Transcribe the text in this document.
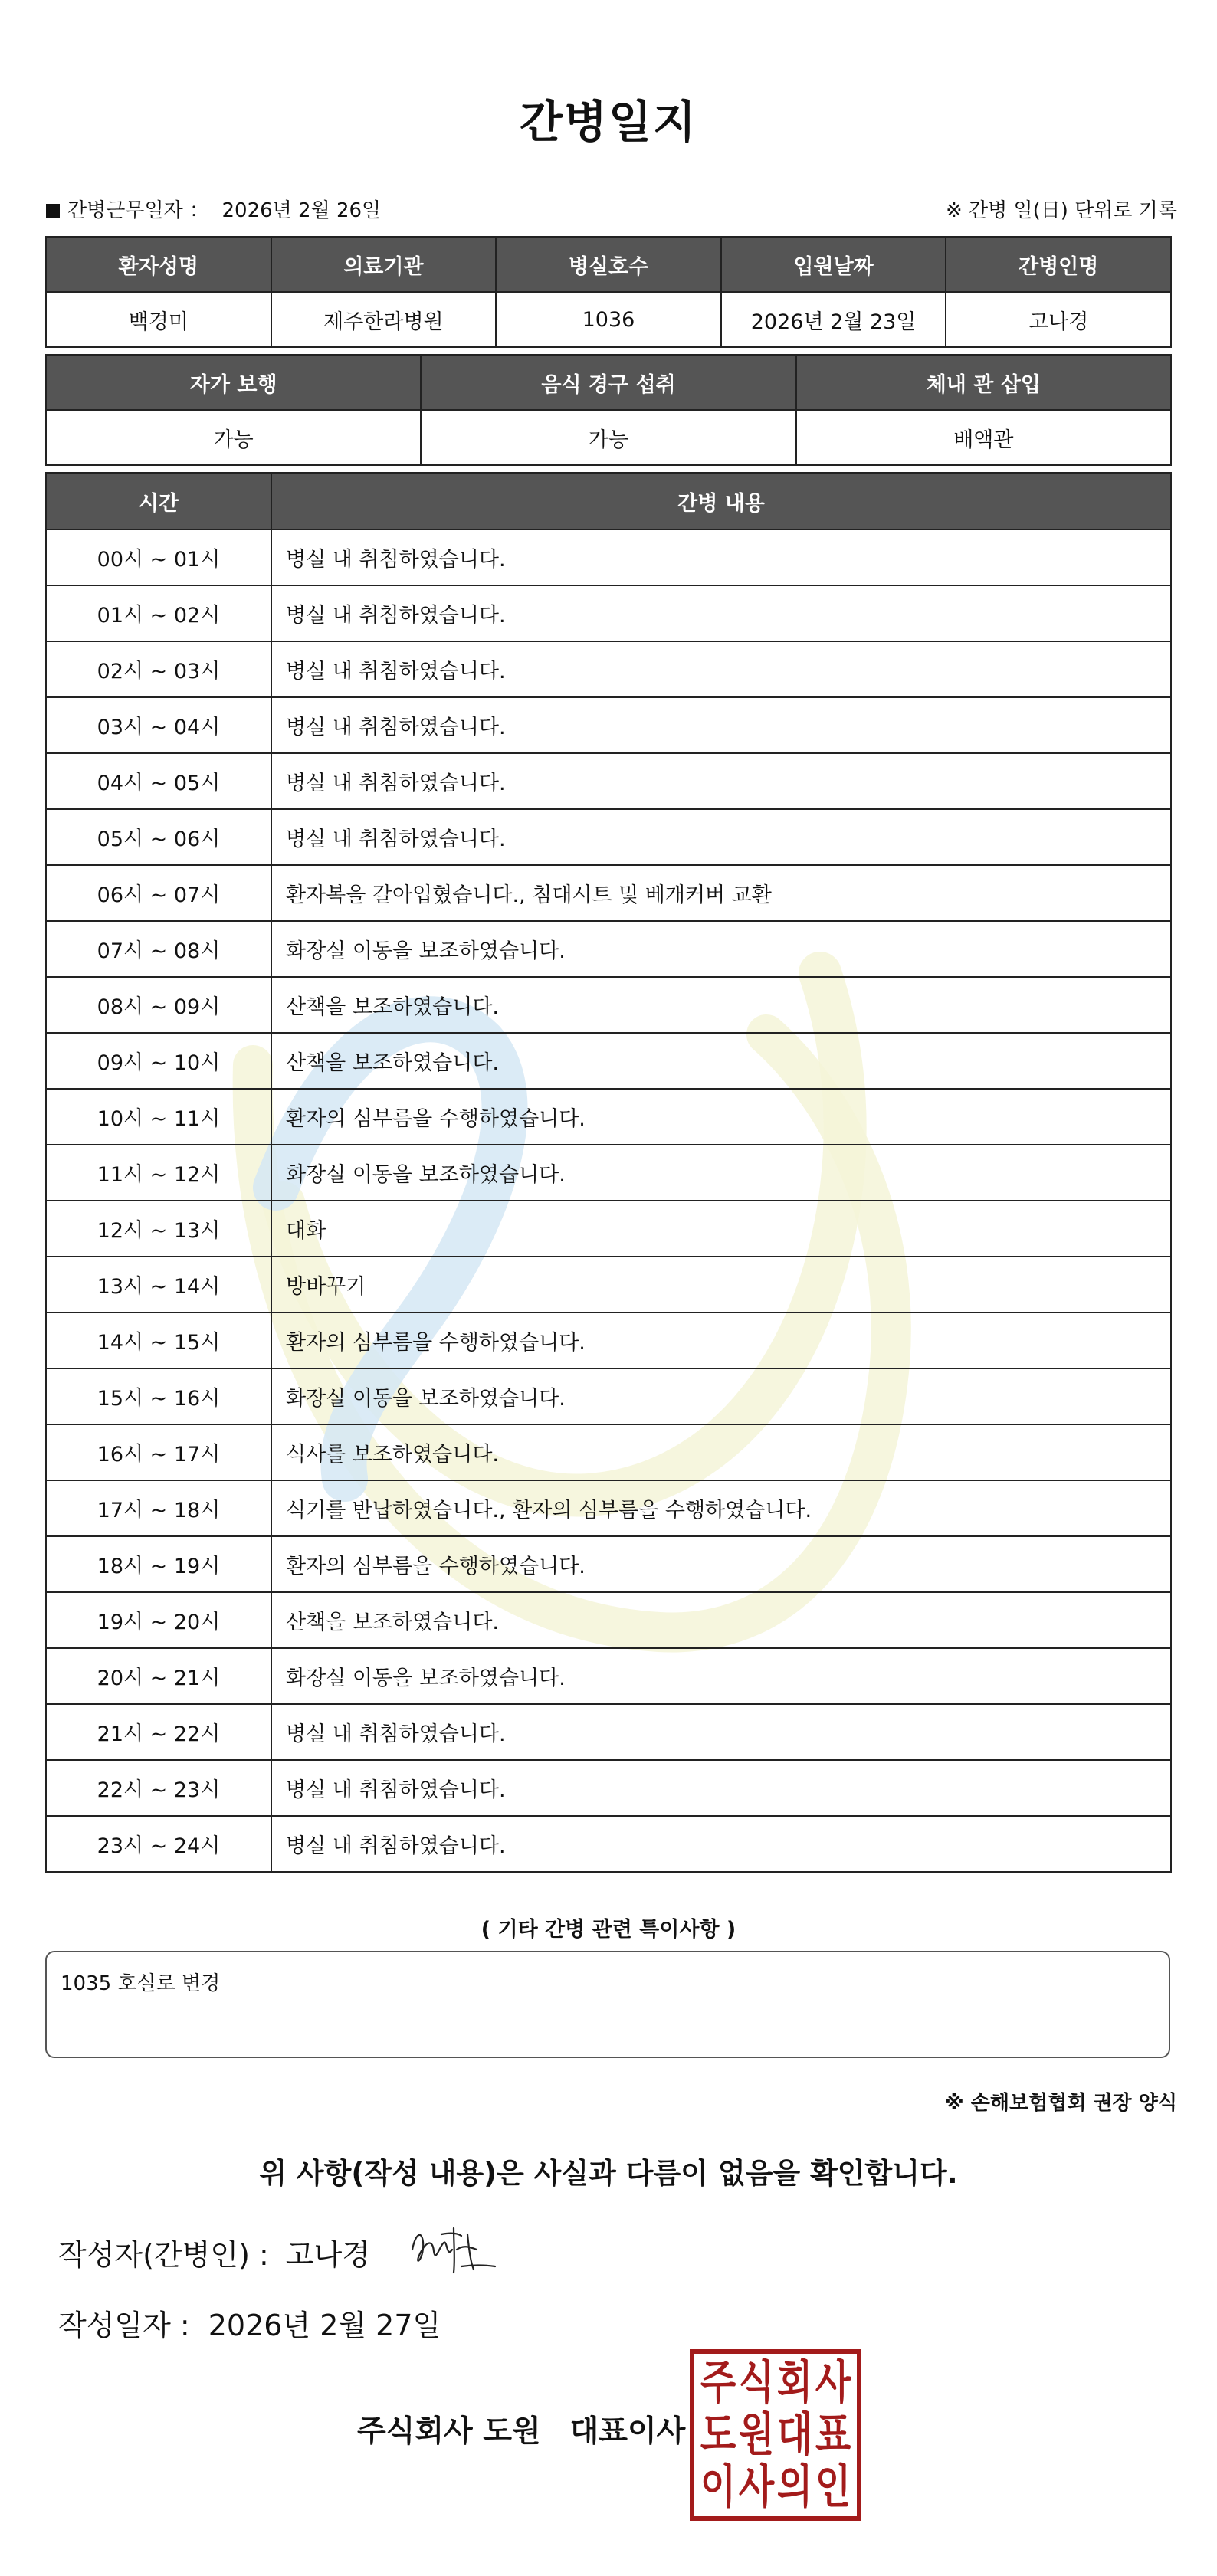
간병일지
간병근무일자 ： 2026년 2월 26일	※ 간병 일(日) 단위로 기록
환자성명	의료기관	병실호수	입원날짜	간병인명
백경미	제주한라병원	1036	2026년 2월 23일	고나경
자가 보행	음식 경구 섭취	체내 관 삽입
가능	가능	배액관
시간	간병 내용
00시 ~ 01시	병실 내 취침하였습니다.
01시 ~ 02시	병실 내 취침하였습니다.
02시 ~ 03시	병실 내 취침하였습니다.
03시 ~ 04시	병실 내 취침하였습니다.
04시 ~ 05시	병실 내 취침하였습니다.
05시 ~ 06시	병실 내 취침하였습니다.
06시 ~ 07시	환자복을 갈아입혔습니다., 침대시트 및 베개커버 교환
07시 ~ 08시	화장실 이동을 보조하였습니다.
08시 ~ 09시	산책을 보조하였습니다.
09시 ~ 10시	산책을 보조하였습니다.
10시 ~ 11시	환자의 심부름을 수행하였습니다.
11시 ~ 12시	화장실 이동을 보조하였습니다.
12시 ~ 13시	대화
13시 ~ 14시	방바꾸기
14시 ~ 15시	환자의 심부름을 수행하였습니다.
15시 ~ 16시	화장실 이동을 보조하였습니다.
16시 ~ 17시	식사를 보조하였습니다.
17시 ~ 18시	식기를 반납하였습니다., 환자의 심부름을 수행하였습니다.
18시 ~ 19시	환자의 심부름을 수행하였습니다.
19시 ~ 20시	산책을 보조하였습니다.
20시 ~ 21시	화장실 이동을 보조하였습니다.
21시 ~ 22시	병실 내 취침하였습니다.
22시 ~ 23시	병실 내 취침하였습니다.
23시 ~ 24시	병실 내 취침하였습니다.
( 기타 간병 관련 특이사항 )
1035 호실로 변경
※ 손해보험협회 권장 양식
위 사항(작성 내용)은 사실과 다름이 없음을 확인합니다.
작성자(간병인) : 고나경
작성일자 : 2026년 2월 27일
주식회사 도원 대표이사
주 식 회 사
도 원 대 표
이 사 의 인
